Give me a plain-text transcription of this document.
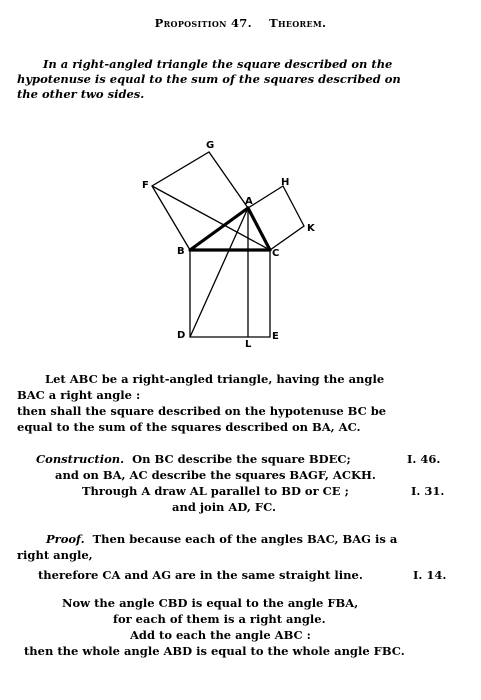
Proposition 47. Theorem.
In a right-angled triangle the square described on the
hypotenuse is equal to the sum of the squares described on
the other two sides.
G
F
A
H
K
B	C
D
L
E
Let ABC be a right-angled triangle, having the angle
BAC a right angle :
then shall the square described on the hypotenuse BC be
equal to the sum of the squares described on BA, AC.
Construction. On BC describe the square BDEC;	I. 46.
and on BA, AC describe the squares BAGF, ACKH.
Through A draw AL parallel to BD or CE ;	I. 31.
and join AD, FC.
Proof. Then because each of the angles BAC, BAG is a
right angle,
therefore CA and AG are in the same straight line.	I. 14.
Now the angle CBD is equal to the angle FBA,
for each of them is a right angle.
Add to each the angle ABC :
then the whole angle ABD is equal to the whole angle FBC.
